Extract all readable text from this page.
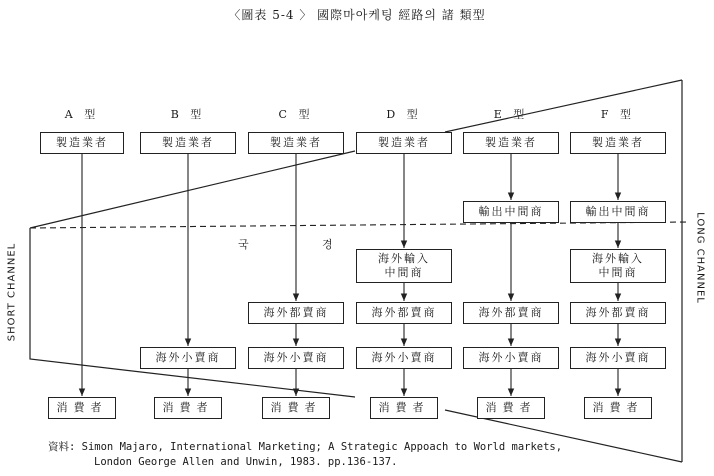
〈圖表 5-4 〉 國際마아케팅 經路의 諸 類型
A 型	B 型	C 型	D 型	E 型	F 型
製造業者
消費者
製造業者
海外小賣商
消費者
製造業者
海外都賣商
海外小賣商
消費者
製造業者
海外輸入
中間商
海外都賣商
海外小賣商
消費者
製造業者
輸出中間商
海外都賣商
海外小賣商
消費者
製造業者
輸出中間商
海外輸入
中間商
海外都賣商
海外小賣商
消費者
국	경
SHORT CHANNEL	LONG CHANNEL
資料: Simon Majaro, International Marketing; A Strategic Appoach to World markets,
London George Allen and Unwin, 1983. pp.136-137.
